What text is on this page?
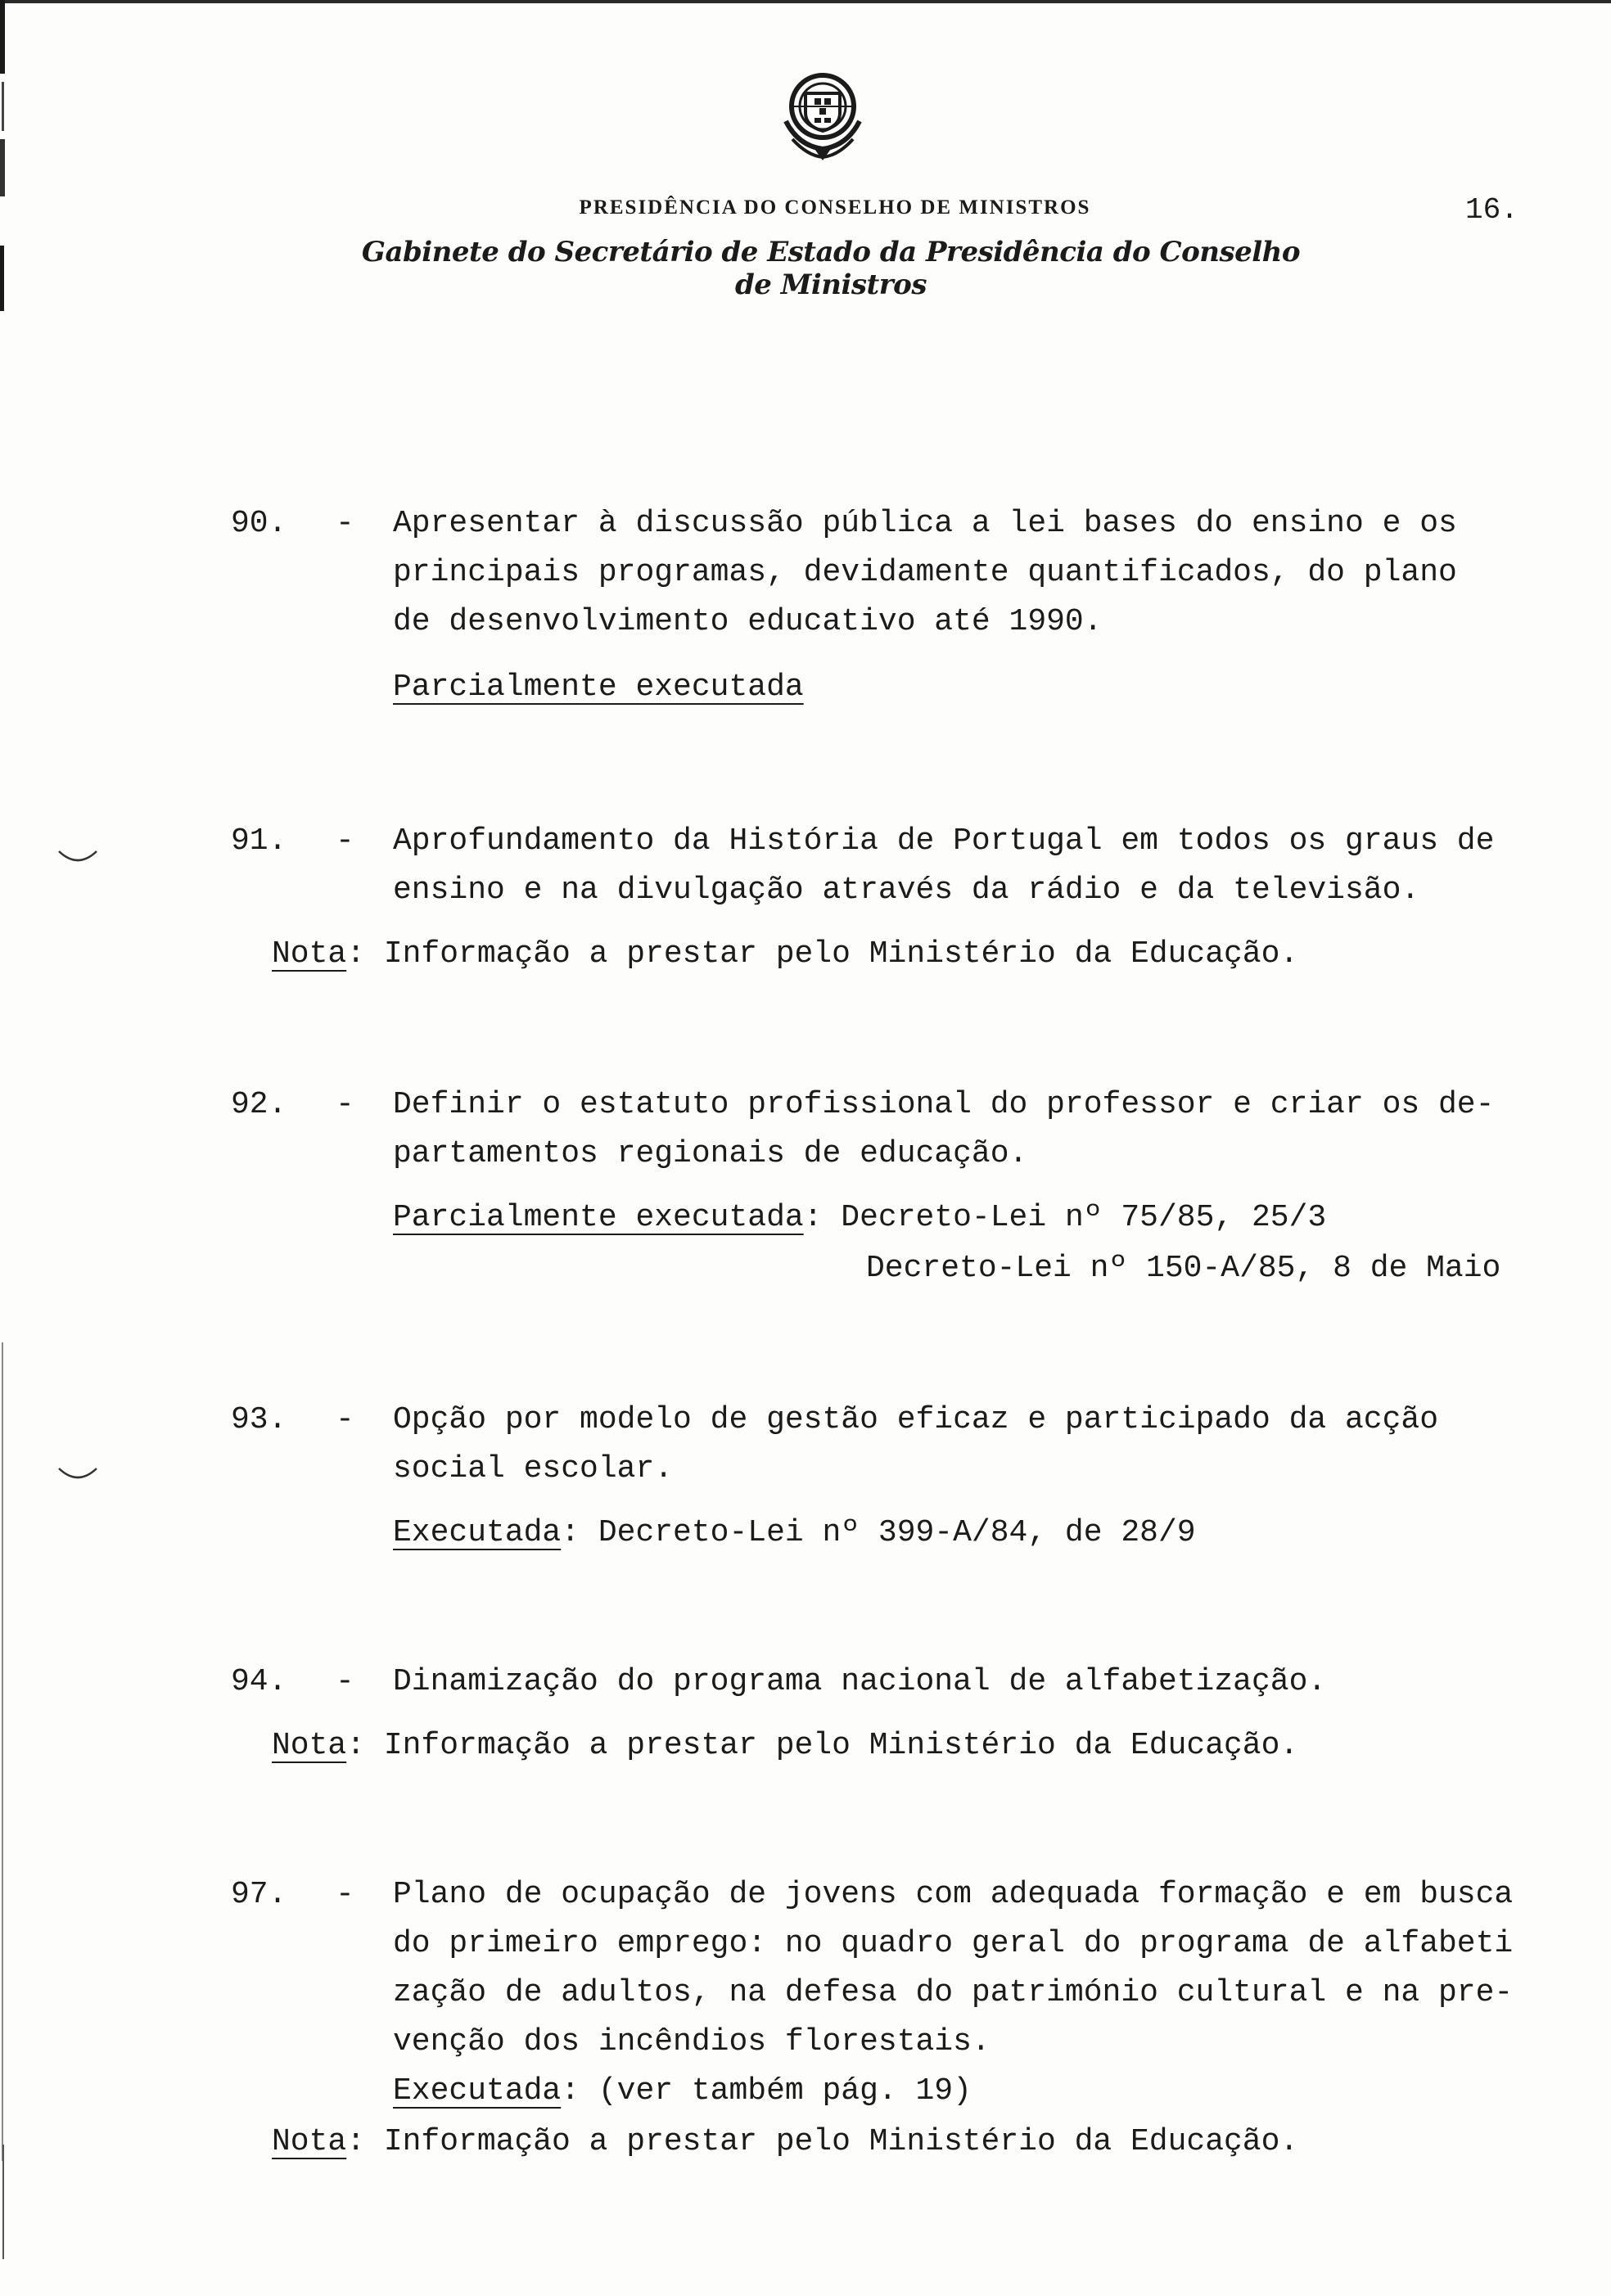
PRESIDÊNCIA DO CONSELHO DE MINISTROS	16.
Gabinete do Secretário de Estado da Presidência do Conselho de Ministros
90. - Apresentar à discussão pública a lei bases do ensino e os
principais programas, devidamente quantificados, do plano
de desenvolvimento educativo até 1990.
Parcialmente executada
91. - Aprofundamento da História de Portugal em todos os graus de
ensino e na divulgação através da rádio e da televisão.
Nota: Informação a prestar pelo Ministério da Educação.
92. - Definir o estatuto profissional do professor e criar os de-
partamentos regionais de educação.
Parcialmente executada: Decreto-Lei nº 75/85, 25/3
Decreto-Lei nº 150-A/85, 8 de Maio
93. - Opção por modelo de gestão eficaz e participado da acção
social escolar.
Executada: Decreto-Lei nº 399-A/84, de 28/9
94. - Dinamização do programa nacional de alfabetização.
Nota: Informação a prestar pelo Ministério da Educação.
97. - Plano de ocupação de jovens com adequada formação e em busca
do primeiro emprego: no quadro geral do programa de alfabeti
zação de adultos, na defesa do património cultural e na pre-
venção dos incêndios florestais.
Executada: (ver também pág. 19)
Nota: Informação a prestar pelo Ministério da Educação.
